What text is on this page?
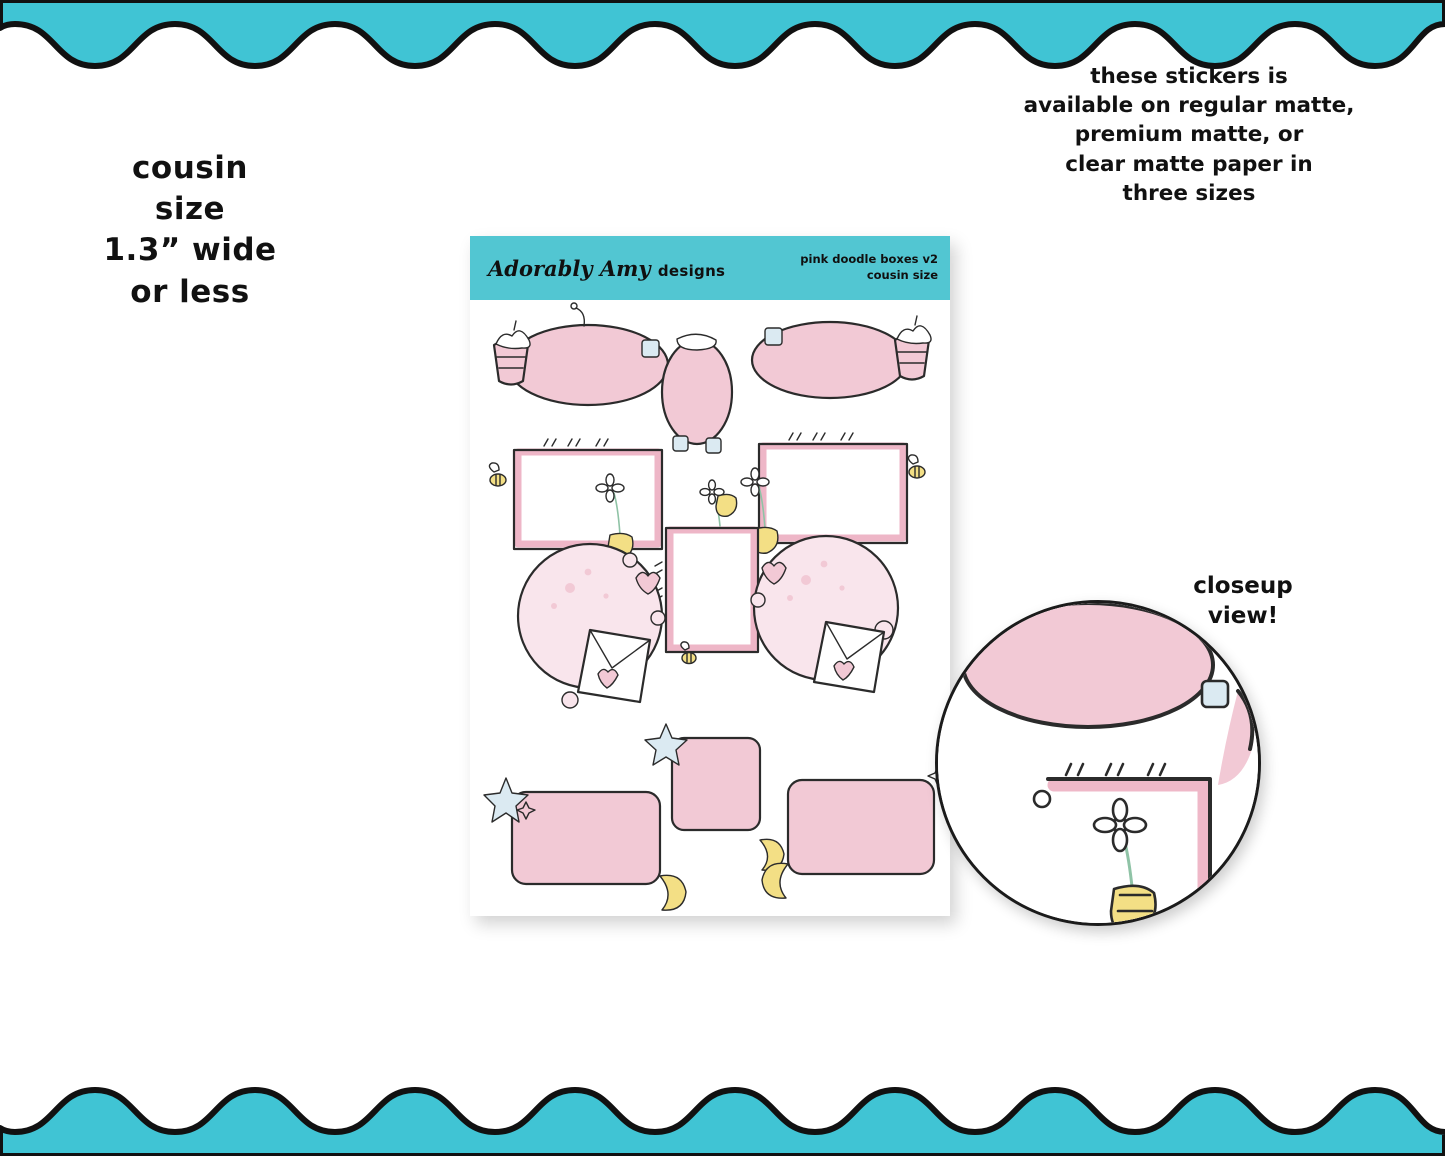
cousin
size
1.3” wide
or less
these stickers is
available on regular matte,
premium matte, or
clear matte paper in
three sizes
closeup
view!
Adorably Amy designs
pink doodle boxes v2
cousin size
